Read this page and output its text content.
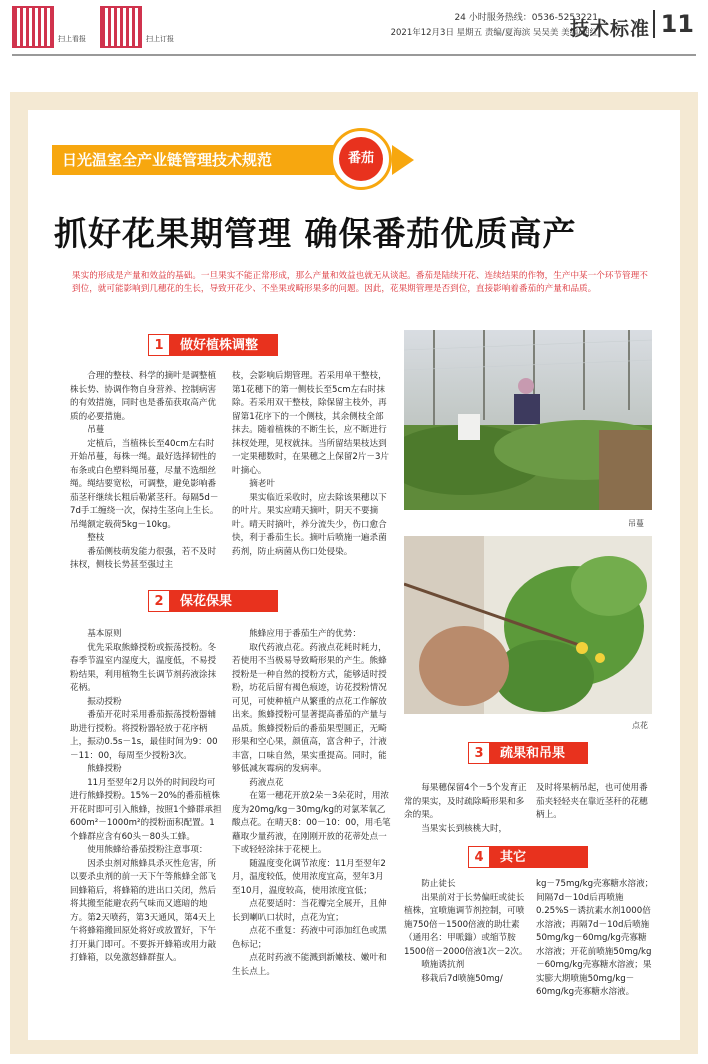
扫上看报	扫上订报
24 小时服务热线：0536-5253221
2021年12月3日 星期五 责编/夏海滨 吴吴美 美编/朝红
技术标准 11
日光温室全产业链管理技术规范	番茄
抓好花果期管理 确保番茄优质高产
果实的形成是产量和效益的基础。一旦果实不能正常形成，那么产量和效益也就无从谈起。番茄是陆续开花、连续结果的作物，生产中某一个环节管理不到位，就可能影响到几穗花的生长，导致开花少、不坐果或畸形果多的问题。因此，花果期管理是否到位，直接影响着番茄的产量和品质。
1 做好植株调整

合理的整枝、科学的摘叶是调整植株长势、协调作物自身营养、控制病害的有效措施，同时也是番茄获取高产优质的必要措施。

吊蔓

定植后，当植株长至40cm左右时开始吊蔓，每株一绳。最好选择韧性的布条或白色塑料绳吊蔓，尽量不选细丝绳。绳结要宽松，可调整，避免影响番茄茎秆继续长粗后勒紧茎秆。每隔5d－7d手工缠绕一次，保持生茎向上生长。吊绳额定载荷5kg－10kg。

整枝

番茄侧枝萌发能力很强，若不及时抹杈，侧枝长势甚至强过主

枝，会影响后期管理。若采用单干整枝，第1花穗下的第一侧枝长至5cm左右时抹除。若采用双干整枝，除保留主枝外，再留第1花序下的一个侧枝，其余侧枝全部抹去。随着植株的不断生长，应不断进行抹杈处理，见杈就抹。当所留结果枝达到一定果穗数时，在果穗之上保留2片－3片叶摘心。

摘老叶

果实临近采收时，应去除该果穗以下的叶片。果实应晴天摘叶，阴天不要摘叶。晴天时摘叶，养分流失少，伤口愈合快，利于番茄生长。摘叶后喷施一遍杀菌药剂，防止病菌从伤口处侵染。

2 保花保果

基本原则

优先采取熊蜂授粉或振荡授粉。冬春季节温室内湿度大，温度低，不易授粉结果，利用植物生长调节剂药液涂抹花柄。

振动授粉

番茄开花时采用番茄振荡授粉器辅助进行授粉。将授粉器轻放于花序柄上，振动0.5s－1s，最佳时间为9：00－11：00，每周至少授粉3次。

熊蜂授粉

11月至翌年2月以外的时间段均可进行熊蜂授粉。15%－20%的番茄植株开花时即可引入熊蜂，按照1个蜂群承担600m²－1000m²的授粉面积配置。1个蜂群应含有60头－80头工蜂。

使用熊蜂给番茄授粉注意事项：

因杀虫剂对熊蜂具杀灭性危害，所以要杀虫剂的前一天下午等熊蜂全部飞回蜂箱后，将蜂箱的进出口关闭，然后将其搬至能避农药气味而又遮暗的地方。第2天喷药，第3天通风，第4天上午将蜂箱搬回原处将好或放置好，下午打开巢门即可。不要拆开蜂箱或用力敲打蜂箱，以免激怒蜂群蜇人。

熊蜂应用于番茄生产的优势：

取代药液点花。药液点花耗时耗力，若使用不当极易导致畸形果的产生。熊蜂授粉是一种自然的授粉方式，能够适时授粉，坊花后留有褐色痕迹，访花授粉情况可见，可使种植户从繁重的点花工作解放出来。熊蜂授粉可显著提高番茄的产量与品质。熊蜂授粉后的番茄果型圆正，无畸形果和空心果，颜值高，富含种子，汁液丰富，口味自然，果实重提高。同时，能够低减灰霉病的发病率。

药液点花

在第一穗花开放2朵－3朵花时，用浓度为20mg/kg－30mg/kg的对氯苯氧乙酸点花。在晴天8：00－10：00，用毛笔蘸取少量药液，在刚刚开放的花蒂处点一下或轻轻涂抹于花梗上。

随温度变化调节浓度：11月至翌年2月，温度较低，使用浓度宜高，翌年3月至10月，温度较高，使用浓度宜低；

点花要适时：当花瓣完全展开，且伸长到喇叭口状时，点花为宜；

点花不重复：药液中可添加红色或黑色标记；

点花时药液不能溅到新嫩枝、嫩叶和生长点上。

吊蔓
点花
3 疏果和吊果

每果穗保留4个－5个发育正常的果实，及时疏除畸形果和多余的果。

当果实长到核桃大时，

及时将果柄吊起，也可使用番茄夹轻轻夹在靠近茎秆的花穗柄上。

4 其它

防止徒长

出果前对于长势偏旺或徒长植株，宜喷施调节剂控制，可喷施750倍－1500倍液的助壮素（通用名：甲哌鎓）或缩节胺1500倍－2000倍液1次－2次。

喷施诱抗剂

移栽后7d喷施50mg/

kg－75mg/kg壳寡糖水溶液；间隔7d－10d后再喷施0.25%S－诱抗素水剂1000倍水溶液；再隔7d－10d后喷施50mg/kg－60mg/kg壳寡糖水溶液；开花前喷施50mg/kg－60mg/kg壳寡糖水溶液；果实膨大期喷施50mg/kg－60mg/kg壳寡糖水溶液。
